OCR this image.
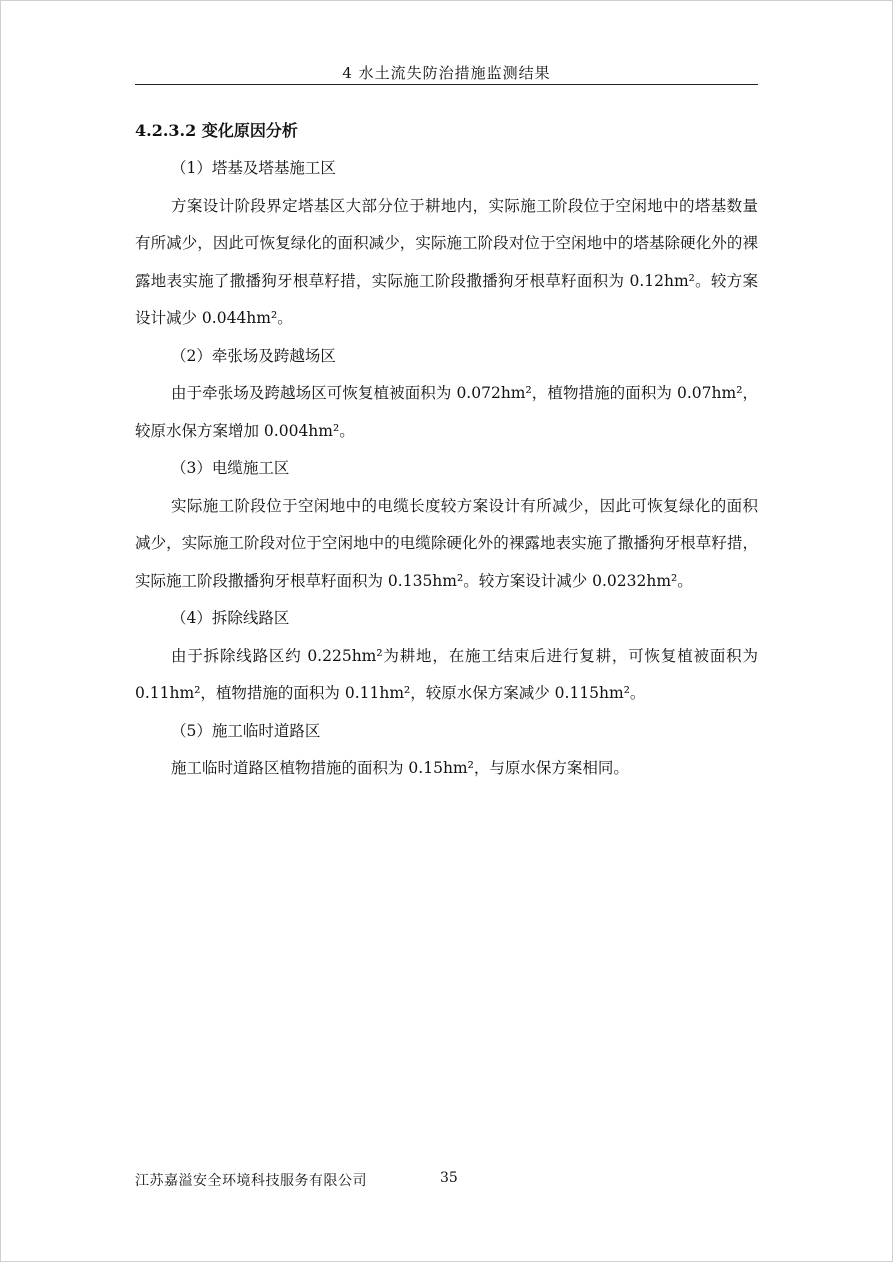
4 水土流失防治措施监测结果
4.2.3.2 变化原因分析
（1）塔基及塔基施工区
方案设计阶段界定塔基区大部分位于耕地内，实际施工阶段位于空闲地中的塔基数量有所减少，因此可恢复绿化的面积减少，实际施工阶段对位于空闲地中的塔基除硬化外的裸露地表实施了撒播狗牙根草籽措，实际施工阶段撒播狗牙根草籽面积为 0.12hm²。较方案设计减少 0.044hm²。
（2）牵张场及跨越场区
由于牵张场及跨越场区可恢复植被面积为 0.072hm²，植物措施的面积为 0.07hm²，较原水保方案增加 0.004hm²。
（3）电缆施工区
实际施工阶段位于空闲地中的电缆长度较方案设计有所减少，因此可恢复绿化的面积减少，实际施工阶段对位于空闲地中的电缆除硬化外的裸露地表实施了撒播狗牙根草籽措，实际施工阶段撒播狗牙根草籽面积为 0.135hm²。较方案设计减少 0.0232hm²。
（4）拆除线路区
由于拆除线路区约 0.225hm²为耕地，在施工结束后进行复耕，可恢复植被面积为 0.11hm²，植物措施的面积为 0.11hm²，较原水保方案减少 0.115hm²。
（5）施工临时道路区
施工临时道路区植物措施的面积为 0.15hm²，与原水保方案相同。
江苏嘉溢安全环境科技服务有限公司	35
